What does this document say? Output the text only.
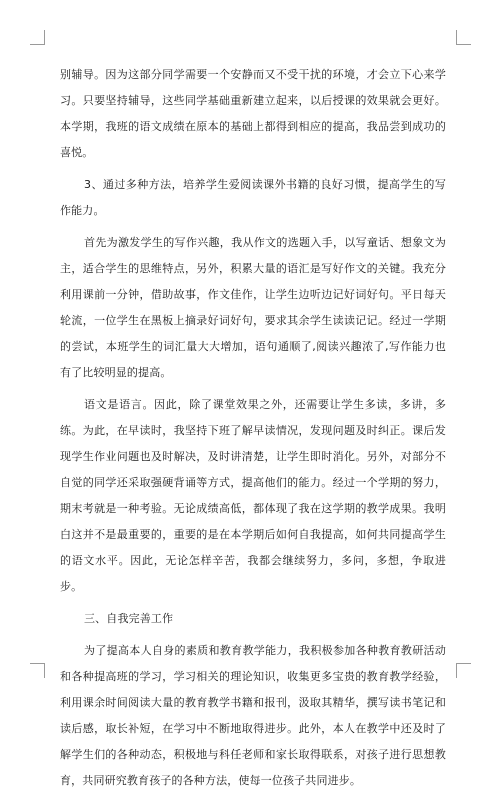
别辅导。因为这部分同学需要一个安静而又不受干扰的环境，才会立下心来学习。只要坚持辅导，这些同学基础重新建立起来，以后授课的效果就会更好。本学期，我班的语文成绩在原本的基础上都得到相应的提高，我品尝到成功的喜悦。

3、通过多种方法，培养学生爱阅读课外书籍的良好习惯，提高学生的写作能力。

首先为激发学生的写作兴趣，我从作文的选题入手，以写童话、想象文为主，适合学生的思维特点，另外，积累大量的语汇是写好作文的关键。我充分利用课前一分钟，借助故事，作文佳作，让学生边听边记好词好句。平日每天轮流，一位学生在黑板上摘录好词好句，要求其余学生读读记记。经过一学期的尝试，本班学生的词汇量大大增加，语句通顺了,阅读兴趣浓了,写作能力也有了比较明显的提高。

语文是语言。因此，除了课堂效果之外，还需要让学生多读，多讲，多练。为此，在早读时，我坚持下班了解早读情况，发现问题及时纠正。课后发现学生作业问题也及时解决，及时讲清楚，让学生即时消化。另外，对部分不自觉的同学还采取强硬背诵等方式，提高他们的能力。经过一个学期的努力，期末考就是一种考验。无论成绩高低，都体现了我在这学期的教学成果。我明白这并不是最重要的，重要的是在本学期后如何自我提高，如何共同提高学生的语文水平。因此，无论怎样辛苦，我都会继续努力，多问，多想，争取进步。

三、自我完善工作

为了提高本人自身的素质和教育教学能力，我积极参加各种教育教研活动和各种提高班的学习，学习相关的理论知识，收集更多宝贵的教育教学经验，利用课余时间阅读大量的教育教学书籍和报刊，汲取其精华，撰写读书笔记和读后感，取长补短，在学习中不断地取得进步。此外，本人在教学中还及时了解学生们的各种动态，积极地与科任老师和家长取得联系，对孩子进行思想教育，共同研究教育孩子的各种方法，使每一位孩子共同进步。
